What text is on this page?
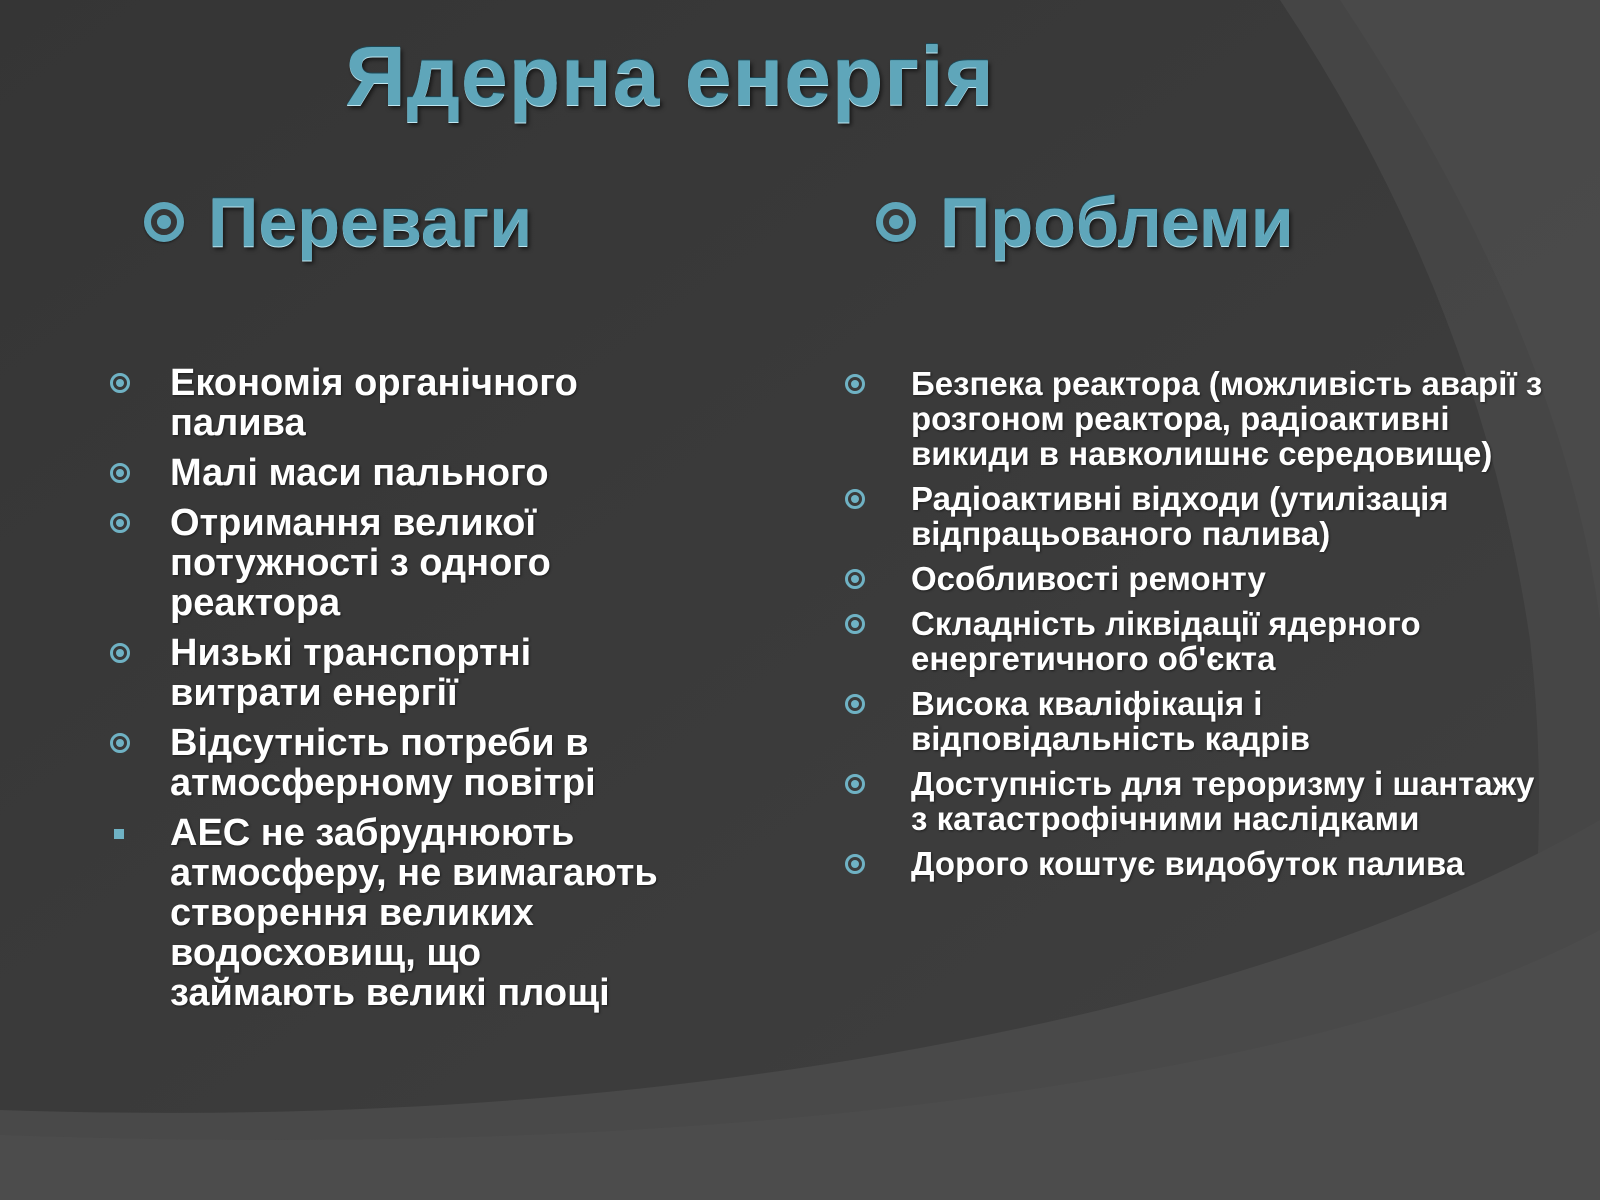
Ядерна енергія
Переваги	Проблеми
Економія органічного палива
Малі маси пального
Отримання великої потужності з одного реактора
Низькі транспортні витрати енергії
Відсутність потреби в атмосферному повітрі
АЕС не забруднюють атмосферу, не вимагають створення великих водосховищ, що займають великі площі
Безпека реактора (можливість аварії з розгоном реактора, радіоактивні викиди в навколишнє середовище)
Радіоактивні відходи (утилізація відпрацьованого палива)
Особливості ремонту
Складність ліквідації ядерного енергетичного об'єкта
Висока кваліфікація і відповідальність кадрів
Доступність для тероризму і шантажу з катастрофічними наслідками
Дорого коштує видобуток палива
